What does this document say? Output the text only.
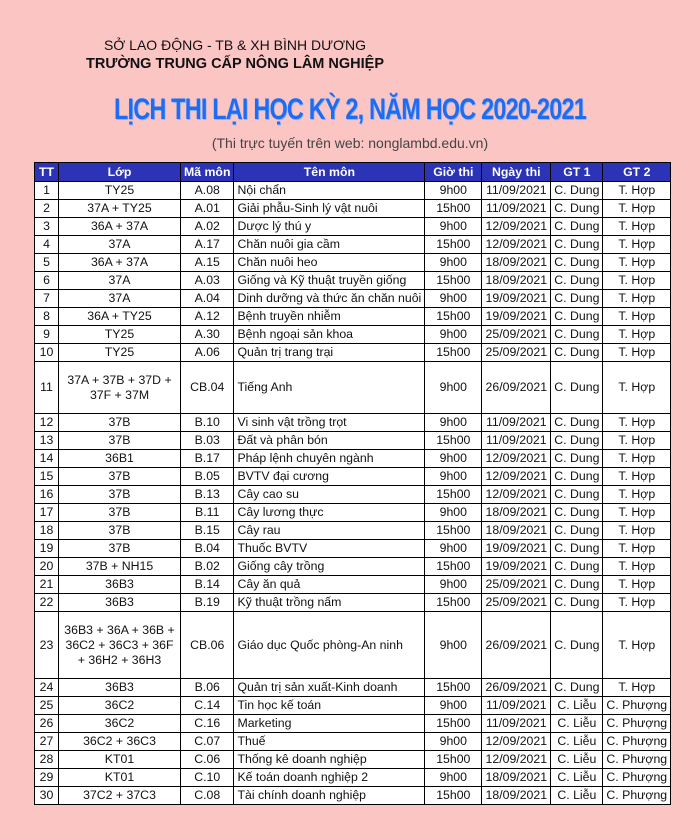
SỞ LAO ĐỘNG - TB & XH BÌNH DƯƠNG
TRƯỜNG TRUNG CẤP NÔNG LÂM NGHIỆP
LỊCH THI LẠI HỌC KỲ 2, NĂM HỌC 2020-2021
(Thi trực tuyến trên web: nonglambd.edu.vn)
TT	Lớp	Mã môn	Tên môn	Giờ thi	Ngày thi	GT 1	GT 2
1	TY25	A.08	Nội chẩn	9h00	11/09/2021	C. Dung	T. Hợp
2	37A + TY25	A.01	Giải phẫu-Sinh lý vật nuôi	15h00	11/09/2021	C. Dung	T. Hợp
3	36A + 37A	A.02	Dược lý thú y	9h00	12/09/2021	C. Dung	T. Hợp
4	37A	A.17	Chăn nuôi gia cầm	15h00	12/09/2021	C. Dung	T. Hợp
5	36A + 37A	A.15	Chăn nuôi heo	9h00	18/09/2021	C. Dung	T. Hợp
6	37A	A.03	Giống và Kỹ thuật truyền giống	15h00	18/09/2021	C. Dung	T. Hợp
7	37A	A.04	Dinh dưỡng và thức ăn chăn nuôi	9h00	19/09/2021	C. Dung	T. Hợp
8	36A + TY25	A.12	Bệnh truyền nhiễm	15h00	19/09/2021	C. Dung	T. Hợp
9	TY25	A.30	Bệnh ngoại sản khoa	9h00	25/09/2021	C. Dung	T. Hợp
10	TY25	A.06	Quản trị trang trại	15h00	25/09/2021	C. Dung	T. Hợp
11	37A + 37B + 37D + 37F + 37M	CB.04	Tiếng Anh	9h00	26/09/2021	C. Dung	T. Hợp
12	37B	B.10	Vi sinh vật trồng trọt	9h00	11/09/2021	C. Dung	T. Hợp
13	37B	B.03	Đất và phân bón	15h00	11/09/2021	C. Dung	T. Hợp
14	36B1	B.17	Pháp lệnh chuyên ngành	9h00	12/09/2021	C. Dung	T. Hợp
15	37B	B.05	BVTV đại cương	9h00	12/09/2021	C. Dung	T. Hợp
16	37B	B.13	Cây cao su	15h00	12/09/2021	C. Dung	T. Hợp
17	37B	B.11	Cây lương thực	9h00	18/09/2021	C. Dung	T. Hợp
18	37B	B.15	Cây rau	15h00	18/09/2021	C. Dung	T. Hợp
19	37B	B.04	Thuốc BVTV	9h00	19/09/2021	C. Dung	T. Hợp
20	37B + NH15	B.02	Giống cây trồng	15h00	19/09/2021	C. Dung	T. Hợp
21	36B3	B.14	Cây ăn quả	9h00	25/09/2021	C. Dung	T. Hợp
22	36B3	B.19	Kỹ thuật trồng nấm	15h00	25/09/2021	C. Dung	T. Hợp
23	36B3 + 36A + 36B + 36C2 + 36C3 + 36F + 36H2 + 36H3	CB.06	Giáo dục Quốc phòng-An ninh	9h00	26/09/2021	C. Dung	T. Hợp
24	36B3	B.06	Quản trị sản xuất-Kinh doanh	15h00	26/09/2021	C. Dung	T. Hợp
25	36C2	C.14	Tin học kế toán	9h00	11/09/2021	C. Liễu	C. Phượng
26	36C2	C.16	Marketing	15h00	11/09/2021	C. Liễu	C. Phượng
27	36C2 + 36C3	C.07	Thuế	9h00	12/09/2021	C. Liễu	C. Phượng
28	KT01	C.06	Thống kê doanh nghiệp	15h00	12/09/2021	C. Liễu	C. Phượng
29	KT01	C.10	Kế toán doanh nghiệp 2	9h00	18/09/2021	C. Liễu	C. Phượng
30	37C2 + 37C3	C.08	Tài chính doanh nghiệp	15h00	18/09/2021	C. Liễu	C. Phượng
